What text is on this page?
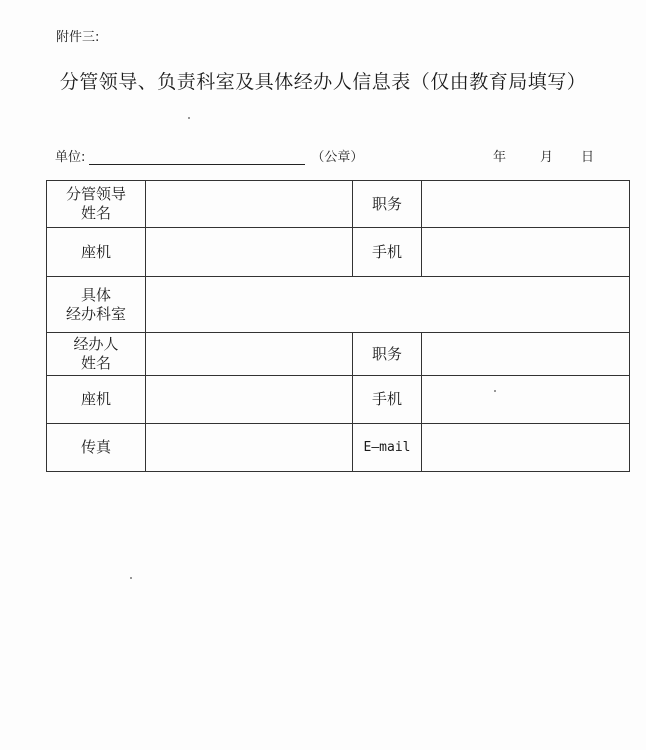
附件三:
分管领导、负责科室及具体经办人信息表（仅由教育局填写）
单位:	（公章）	年	月 日
分管领导
姓名		职务	
座机		手机	

具体
经办科室			

经办人
姓名		职务	
座机		手机	
传真		E—mail	
